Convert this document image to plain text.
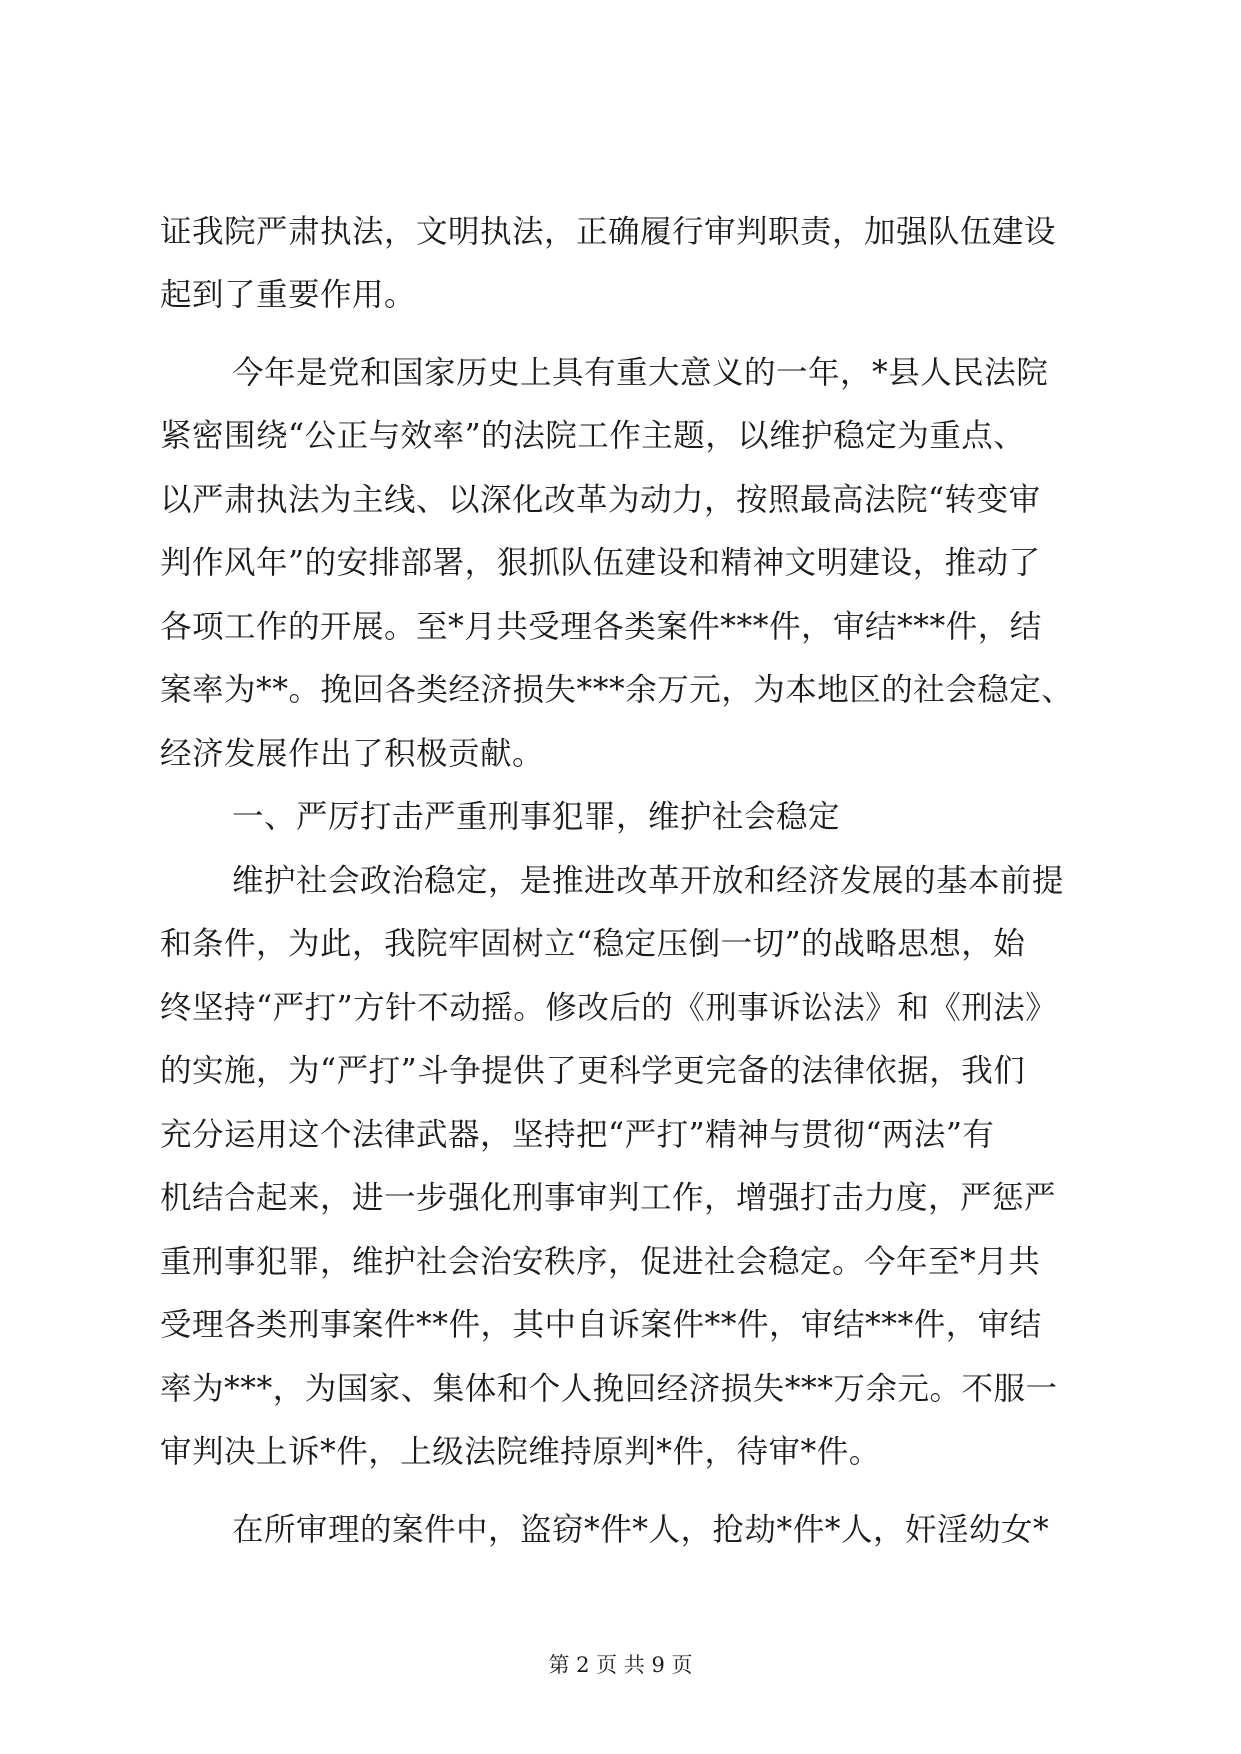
证我院严肃执法，文明执法，正确履行审判职责，加强队伍建设
起到了重要作用。
今年是党和国家历史上具有重大意义的一年，*县人民法院
紧密围绕“公正与效率”的法院工作主题，以维护稳定为重点、
以严肃执法为主线、以深化改革为动力，按照最高法院“转变审
判作风年”的安排部署，狠抓队伍建设和精神文明建设，推动了
各项工作的开展。至*月共受理各类案件***件，审结***件，结
案率为**。挽回各类经济损失***余万元，为本地区的社会稳定、
经济发展作出了积极贡献。
一、严厉打击严重刑事犯罪，维护社会稳定
维护社会政治稳定，是推进改革开放和经济发展的基本前提
和条件，为此，我院牢固树立“稳定压倒一切”的战略思想，始
终坚持“严打”方针不动摇。修改后的《刑事诉讼法》和《刑法》
的实施，为“严打”斗争提供了更科学更完备的法律依据，我们
充分运用这个法律武器，坚持把“严打”精神与贯彻“两法”有
机结合起来，进一步强化刑事审判工作，增强打击力度，严惩严
重刑事犯罪，维护社会治安秩序，促进社会稳定。今年至*月共
受理各类刑事案件**件，其中自诉案件**件，审结***件，审结
率为***，为国家、集体和个人挽回经济损失***万余元。不服一
审判决上诉*件，上级法院维持原判*件，待审*件。
在所审理的案件中，盗窃*件*人，抢劫*件*人，奸淫幼女*
第 2 页 共 9 页
